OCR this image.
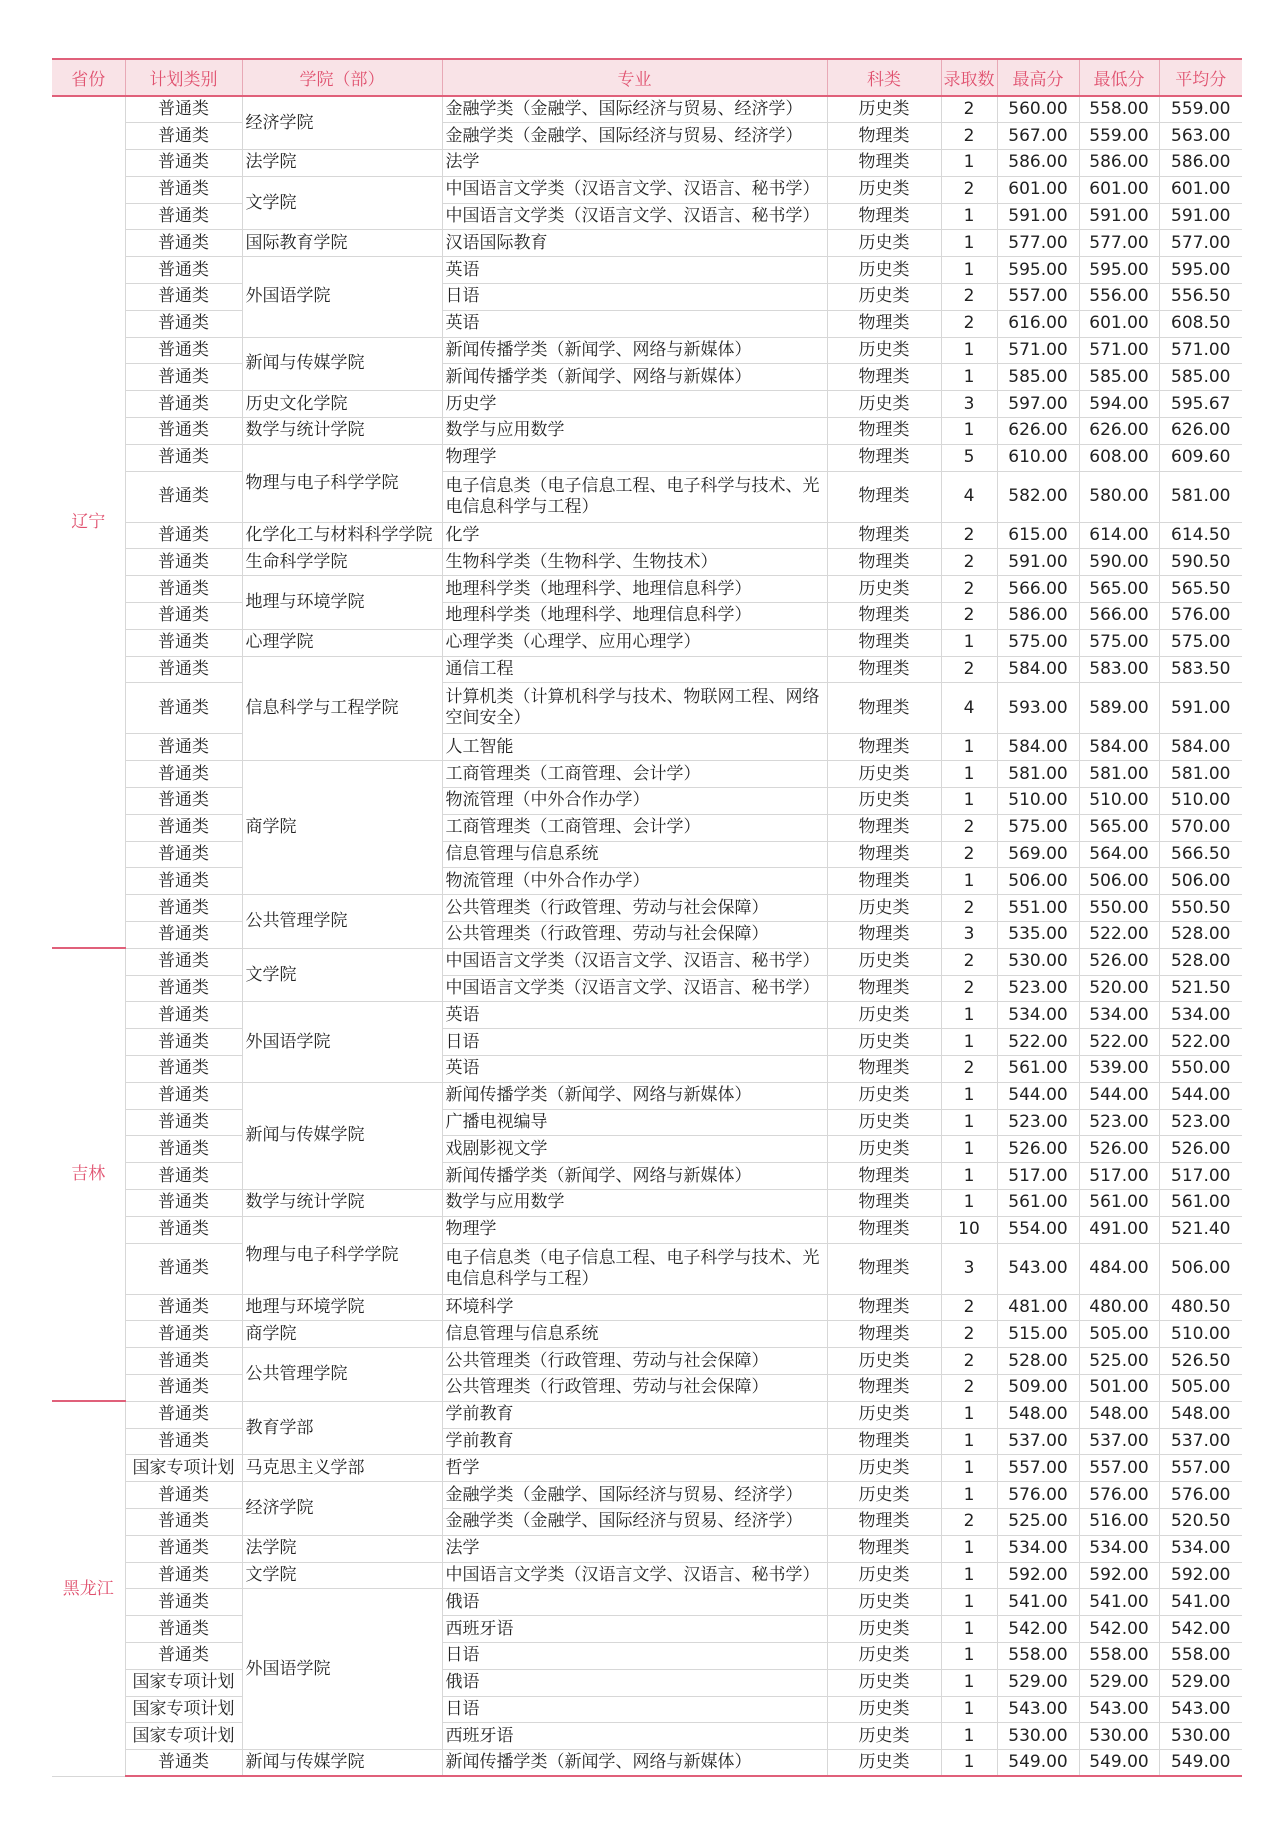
省份	计划类别	学院（部）	专业	科类	录取数	最高分	最低分	平均分
辽宁	普通类	经济学院	金融学类（金融学、国际经济与贸易、经济学）	历史类	2	560.00	558.00	559.00
	普通类		金融学类（金融学、国际经济与贸易、经济学）	物理类	2	567.00	559.00	563.00
	普通类	法学院	法学	物理类	1	586.00	586.00	586.00
	普通类	文学院	中国语言文学类（汉语言文学、汉语言、秘书学）	历史类	2	601.00	601.00	601.00
	普通类		中国语言文学类（汉语言文学、汉语言、秘书学）	物理类	1	591.00	591.00	591.00
	普通类	国际教育学院	汉语国际教育	历史类	1	577.00	577.00	577.00
	普通类	外国语学院	英语	历史类	1	595.00	595.00	595.00
	普通类		日语	历史类	2	557.00	556.00	556.50
	普通类		英语	物理类	2	616.00	601.00	608.50
	普通类	新闻与传媒学院	新闻传播学类（新闻学、网络与新媒体）	历史类	1	571.00	571.00	571.00
	普通类		新闻传播学类（新闻学、网络与新媒体）	物理类	1	585.00	585.00	585.00
	普通类	历史文化学院	历史学	历史类	3	597.00	594.00	595.67
	普通类	数学与统计学院	数学与应用数学	物理类	1	626.00	626.00	626.00
	普通类	物理与电子科学学院	物理学	物理类	5	610.00	608.00	609.60
	普通类		电子信息类（电子信息工程、电子科学与技术、光电信息科学与工程）	物理类	4	582.00	580.00	581.00
	普通类	化学化工与材料科学学院	化学	物理类	2	615.00	614.00	614.50
	普通类	生命科学学院	生物科学类（生物科学、生物技术）	物理类	2	591.00	590.00	590.50
	普通类	地理与环境学院	地理科学类（地理科学、地理信息科学）	历史类	2	566.00	565.00	565.50
	普通类		地理科学类（地理科学、地理信息科学）	物理类	2	586.00	566.00	576.00
	普通类	心理学院	心理学类（心理学、应用心理学）	物理类	1	575.00	575.00	575.00
	普通类	信息科学与工程学院	通信工程	物理类	2	584.00	583.00	583.50
	普通类		计算机类（计算机科学与技术、物联网工程、网络空间安全）	物理类	4	593.00	589.00	591.00
	普通类		人工智能	物理类	1	584.00	584.00	584.00
	普通类	商学院	工商管理类（工商管理、会计学）	历史类	1	581.00	581.00	581.00
	普通类		物流管理（中外合作办学）	历史类	1	510.00	510.00	510.00
	普通类		工商管理类（工商管理、会计学）	物理类	2	575.00	565.00	570.00
	普通类		信息管理与信息系统	物理类	2	569.00	564.00	566.50
	普通类		物流管理（中外合作办学）	物理类	1	506.00	506.00	506.00
	普通类	公共管理学院	公共管理类（行政管理、劳动与社会保障）	历史类	2	551.00	550.00	550.50
	普通类		公共管理类（行政管理、劳动与社会保障）	物理类	3	535.00	522.00	528.00
吉林	普通类	文学院	中国语言文学类（汉语言文学、汉语言、秘书学）	历史类	2	530.00	526.00	528.00
	普通类		中国语言文学类（汉语言文学、汉语言、秘书学）	物理类	2	523.00	520.00	521.50
	普通类	外国语学院	英语	历史类	1	534.00	534.00	534.00
	普通类		日语	历史类	1	522.00	522.00	522.00
	普通类		英语	物理类	2	561.00	539.00	550.00
	普通类	新闻与传媒学院	新闻传播学类（新闻学、网络与新媒体）	历史类	1	544.00	544.00	544.00
	普通类		广播电视编导	历史类	1	523.00	523.00	523.00
	普通类		戏剧影视文学	历史类	1	526.00	526.00	526.00
	普通类		新闻传播学类（新闻学、网络与新媒体）	物理类	1	517.00	517.00	517.00
	普通类	数学与统计学院	数学与应用数学	物理类	1	561.00	561.00	561.00
	普通类	物理与电子科学学院	物理学	物理类	10	554.00	491.00	521.40
	普通类		电子信息类（电子信息工程、电子科学与技术、光电信息科学与工程）	物理类	3	543.00	484.00	506.00
	普通类	地理与环境学院	环境科学	物理类	2	481.00	480.00	480.50
	普通类	商学院	信息管理与信息系统	物理类	2	515.00	505.00	510.00
	普通类	公共管理学院	公共管理类（行政管理、劳动与社会保障）	历史类	2	528.00	525.00	526.50
	普通类		公共管理类（行政管理、劳动与社会保障）	物理类	2	509.00	501.00	505.00
黑龙江	普通类	教育学部	学前教育	历史类	1	548.00	548.00	548.00
	普通类		学前教育	物理类	1	537.00	537.00	537.00
	国家专项计划	马克思主义学部	哲学	历史类	1	557.00	557.00	557.00
	普通类	经济学院	金融学类（金融学、国际经济与贸易、经济学）	历史类	1	576.00	576.00	576.00
	普通类		金融学类（金融学、国际经济与贸易、经济学）	物理类	2	525.00	516.00	520.50
	普通类	法学院	法学	物理类	1	534.00	534.00	534.00
	普通类	文学院	中国语言文学类（汉语言文学、汉语言、秘书学）	历史类	1	592.00	592.00	592.00
	普通类	外国语学院	俄语	历史类	1	541.00	541.00	541.00
	普通类		西班牙语	历史类	1	542.00	542.00	542.00
	普通类		日语	历史类	1	558.00	558.00	558.00
	国家专项计划		俄语	历史类	1	529.00	529.00	529.00
	国家专项计划		日语	历史类	1	543.00	543.00	543.00
	国家专项计划		西班牙语	历史类	1	530.00	530.00	530.00
	普通类	新闻与传媒学院	新闻传播学类（新闻学、网络与新媒体）	历史类	1	549.00	549.00	549.00
